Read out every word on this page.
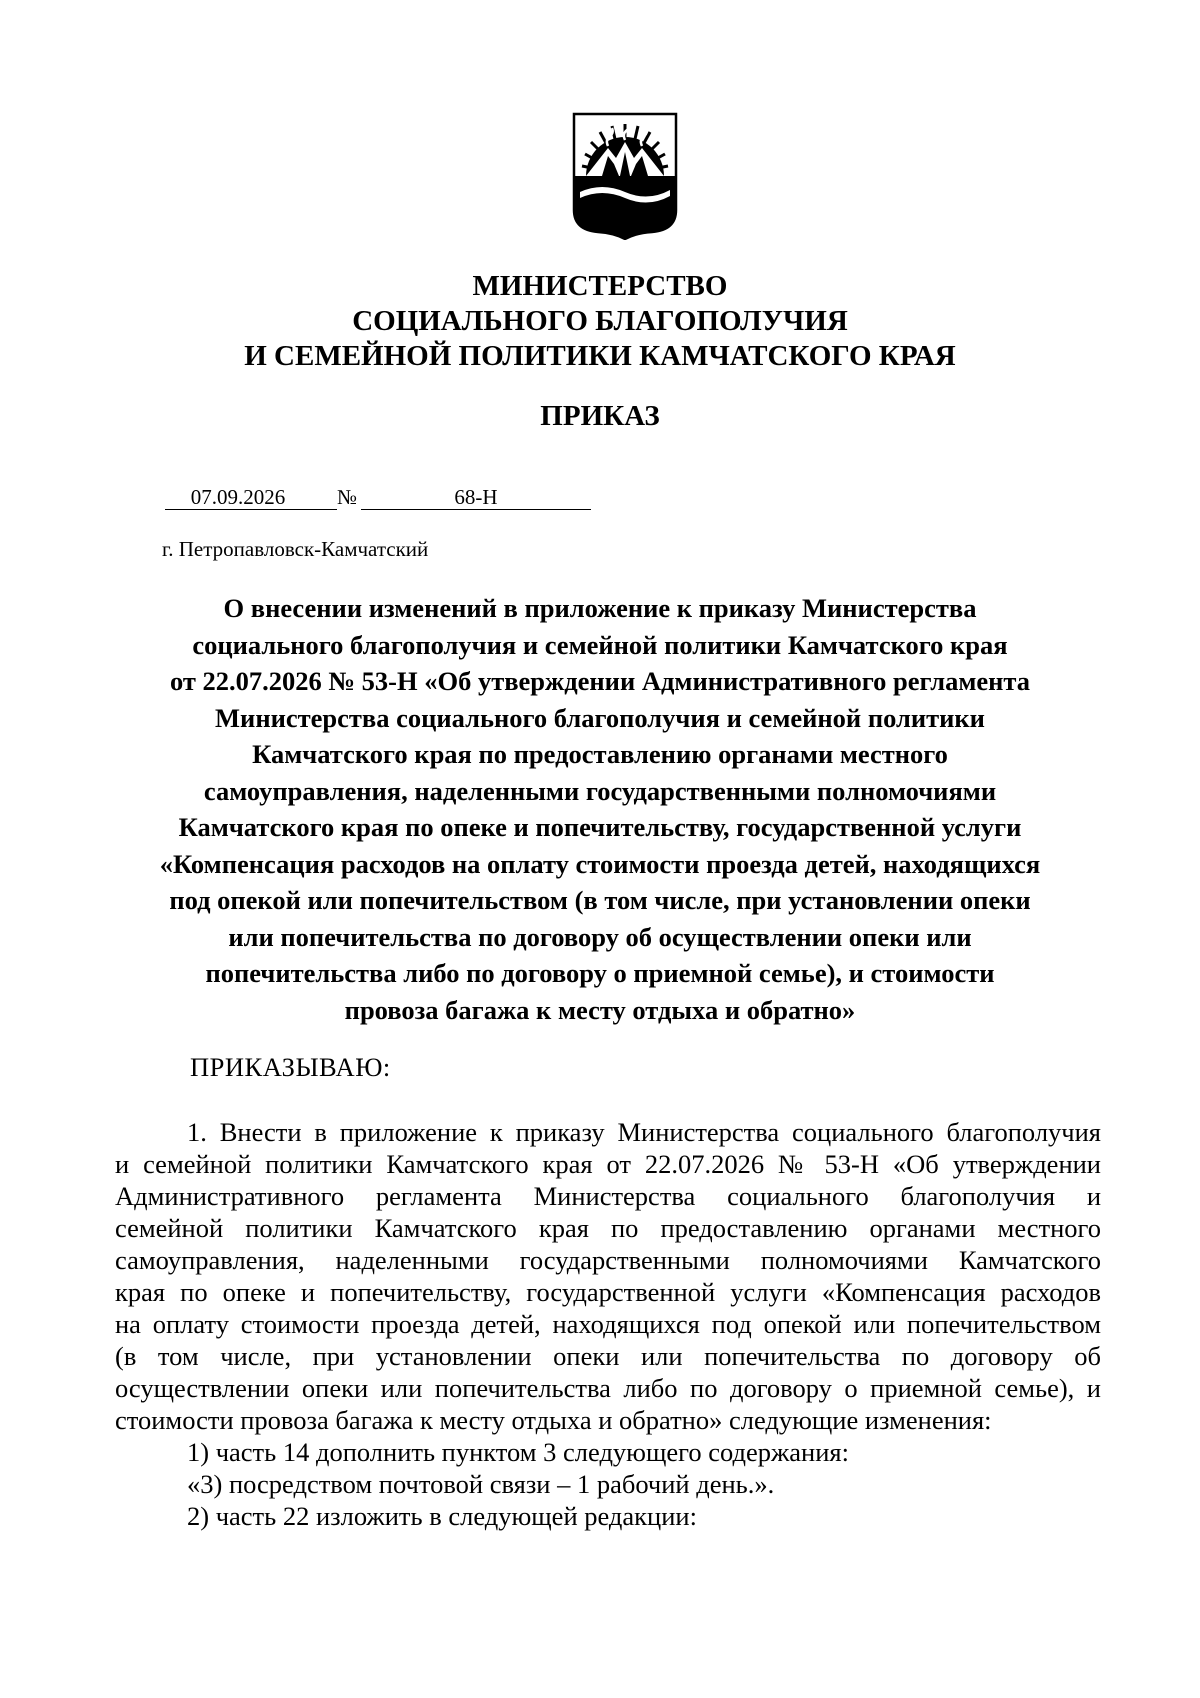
МИНИСТЕРСТВО
СОЦИАЛЬНОГО БЛАГОПОЛУЧИЯ
И СЕМЕЙНОЙ ПОЛИТИКИ КАМЧАТСКОГО КРАЯ
ПРИКАЗ
07.09.2026	№	68-Н
г. Петропавловск-Камчатский
О внесении изменений в приложение к приказу Министерства
социального благополучия и семейной политики Камчатского края
от 22.07.2026 № 53-Н «Об утверждении Административного регламента
Министерства социального благополучия и семейной политики
Камчатского края по предоставлению органами местного
самоуправления, наделенными государственными полномочиями
Камчатского края по опеке и попечительству, государственной услуги
«Компенсация расходов на оплату стоимости проезда детей, находящихся
под опекой или попечительством (в том числе, при установлении опеки
или попечительства по договору об осуществлении опеки или
попечительства либо по договору о приемной семье), и стоимости
провоза багажа к месту отдыха и обратно»
ПРИКАЗЫВАЮ:
1. Внести в приложение к приказу Министерства социального благополучия
и семейной политики Камчатского края от 22.07.2026 № 53-Н «Об утверждении
Административного регламента Министерства социального благополучия и
семейной политики Камчатского края по предоставлению органами местного
самоуправления, наделенными государственными полномочиями Камчатского
края по опеке и попечительству, государственной услуги «Компенсация расходов
на оплату стоимости проезда детей, находящихся под опекой или попечительством
(в том числе, при установлении опеки или попечительства по договору об
осуществлении опеки или попечительства либо по договору о приемной семье), и
стоимости провоза багажа к месту отдыха и обратно» следующие изменения:
1) часть 14 дополнить пунктом 3 следующего содержания:
«3) посредством почтовой связи – 1 рабочий день.».
2) часть 22 изложить в следующей редакции:
